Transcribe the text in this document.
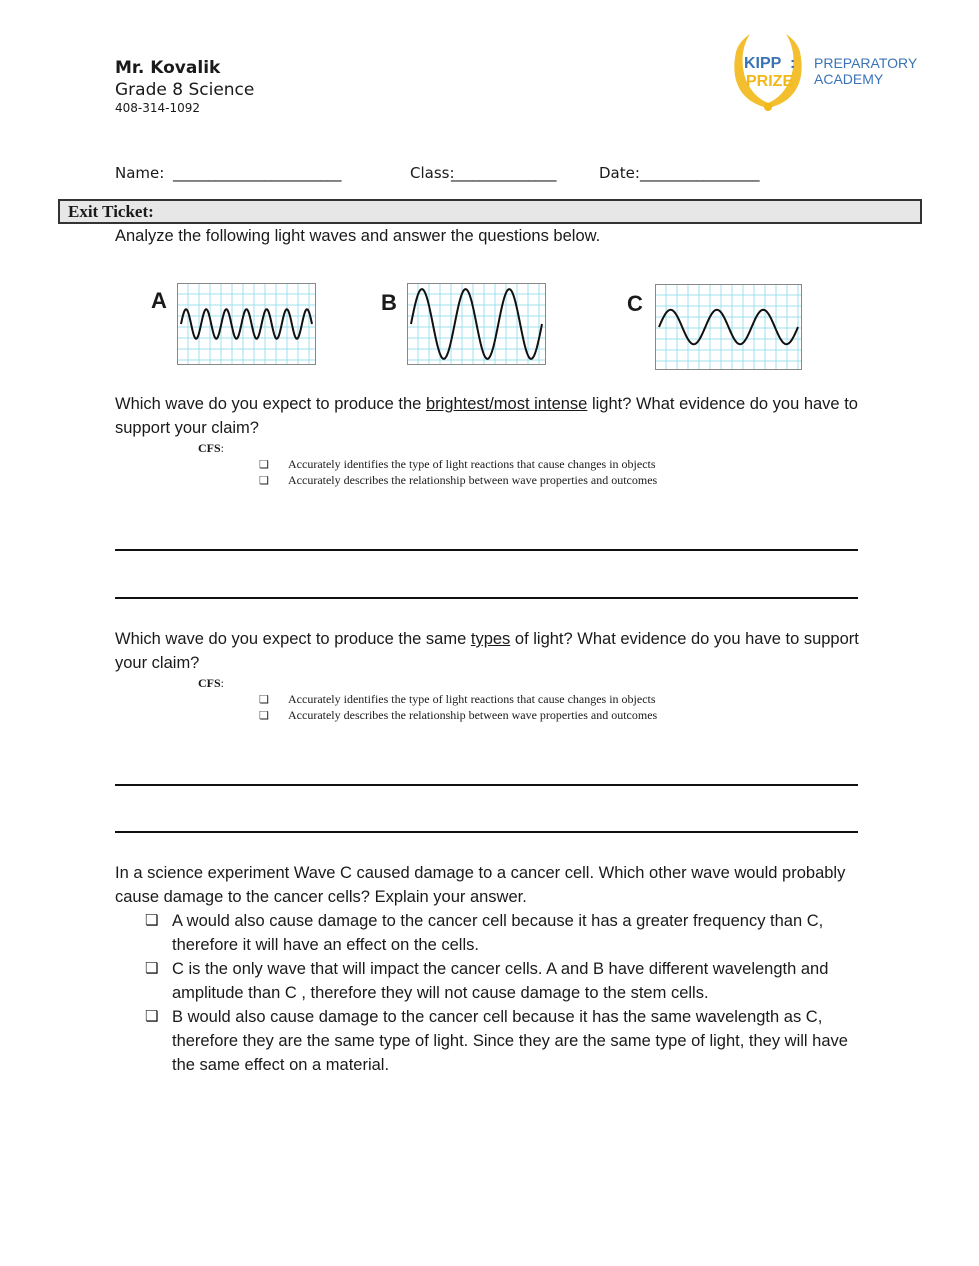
Mr. Kovalik
Grade 8 Science
408-314-1092
KIPP :
PRIZE
PREPARATORY
ACADEMY
Name: ________________________	Class:
_______________	Date: _________________
Exit Ticket:
Analyze the following light waves and answer the questions below.
A	B	C
Which wave do you expect to produce the brightest/most intense light? What evidence do you have to support your claim?
CFS:
❏ Accurately identifies the type of light reactions that cause changes in objects
❏ Accurately describes the relationship between wave properties and outcomes
Which wave do you expect to produce the same types of light? What evidence do you have to support your claim?
CFS:
❏ Accurately identifies the type of light reactions that cause changes in objects
❏ Accurately describes the relationship between wave properties and outcomes
In a science experiment Wave C caused damage to a cancer cell. Which other wave would probably cause damage to the cancer cells? Explain your answer.
❏ A would also cause damage to the cancer cell because it has a greater frequency than C, therefore it will have an effect on the cells.
❏ C is the only wave that will impact the cancer cells. A and B have different wavelength and amplitude than C , therefore they will not cause damage to the stem cells.
❏ B would also cause damage to the cancer cell because it has the same wavelength as C, therefore they are the same type of light. Since they are the same type of light, they will have the same effect on a material.
